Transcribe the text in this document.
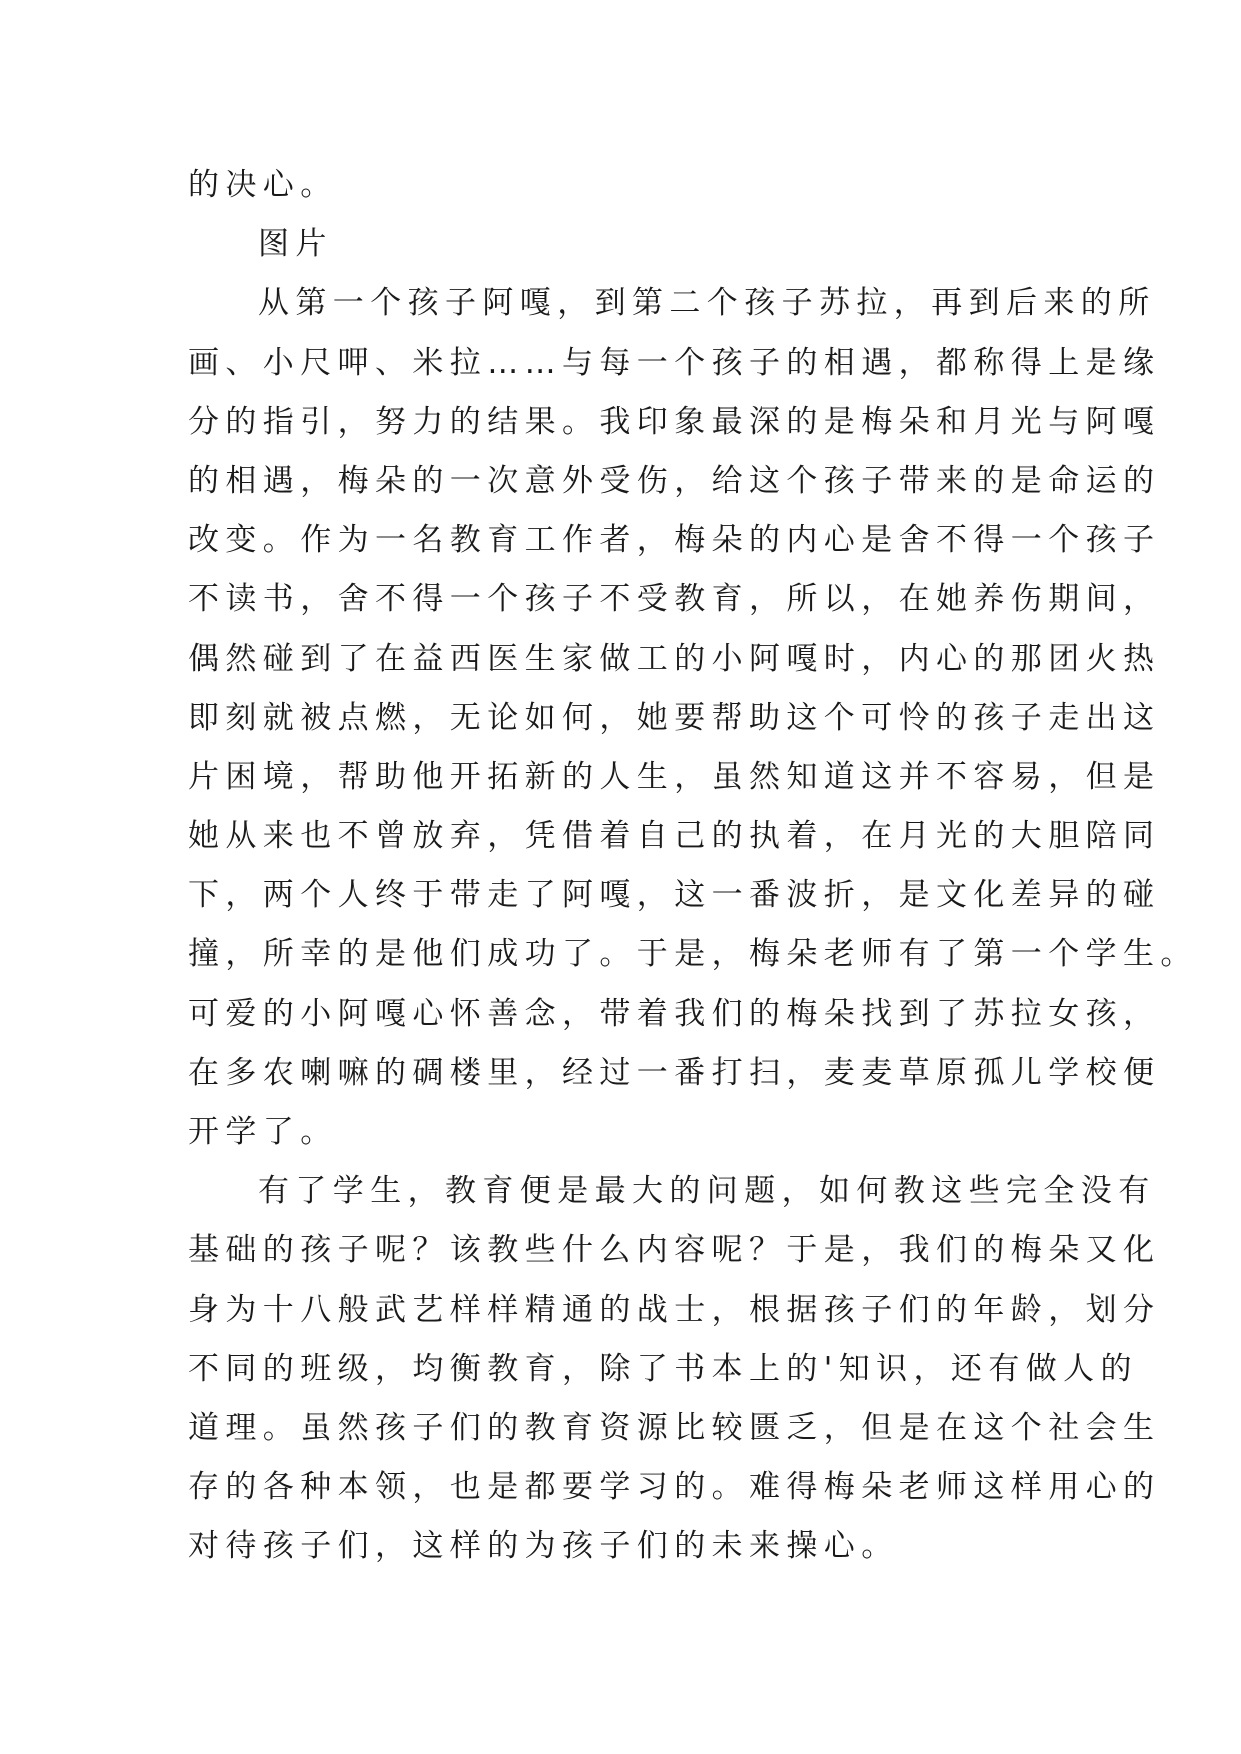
的决心。
图片
从第一个孩子阿嘎，到第二个孩子苏拉，再到后来的所
画、小尺呷、米拉……与每一个孩子的相遇，都称得上是缘
分的指引，努力的结果。我印象最深的是梅朵和月光与阿嘎
的相遇，梅朵的一次意外受伤，给这个孩子带来的是命运的
改变。作为一名教育工作者，梅朵的内心是舍不得一个孩子
不读书，舍不得一个孩子不受教育，所以，在她养伤期间，
偶然碰到了在益西医生家做工的小阿嘎时，内心的那团火热
即刻就被点燃，无论如何，她要帮助这个可怜的孩子走出这
片困境，帮助他开拓新的人生，虽然知道这并不容易，但是
她从来也不曾放弃，凭借着自己的执着，在月光的大胆陪同
下，两个人终于带走了阿嘎，这一番波折，是文化差异的碰
撞，所幸的是他们成功了。于是，梅朵老师有了第一个学生。
可爱的小阿嘎心怀善念，带着我们的梅朵找到了苏拉女孩，
在多农喇嘛的碉楼里，经过一番打扫，麦麦草原孤儿学校便
开学了。
有了学生，教育便是最大的问题，如何教这些完全没有
基础的孩子呢？该教些什么内容呢？于是，我们的梅朵又化
身为十八般武艺样样精通的战士，根据孩子们的年龄，划分
不同的班级，均衡教育，除了书本上的'知识，还有做人的
道理。虽然孩子们的教育资源比较匮乏，但是在这个社会生
存的各种本领，也是都要学习的。难得梅朵老师这样用心的
对待孩子们，这样的为孩子们的未来操心。
